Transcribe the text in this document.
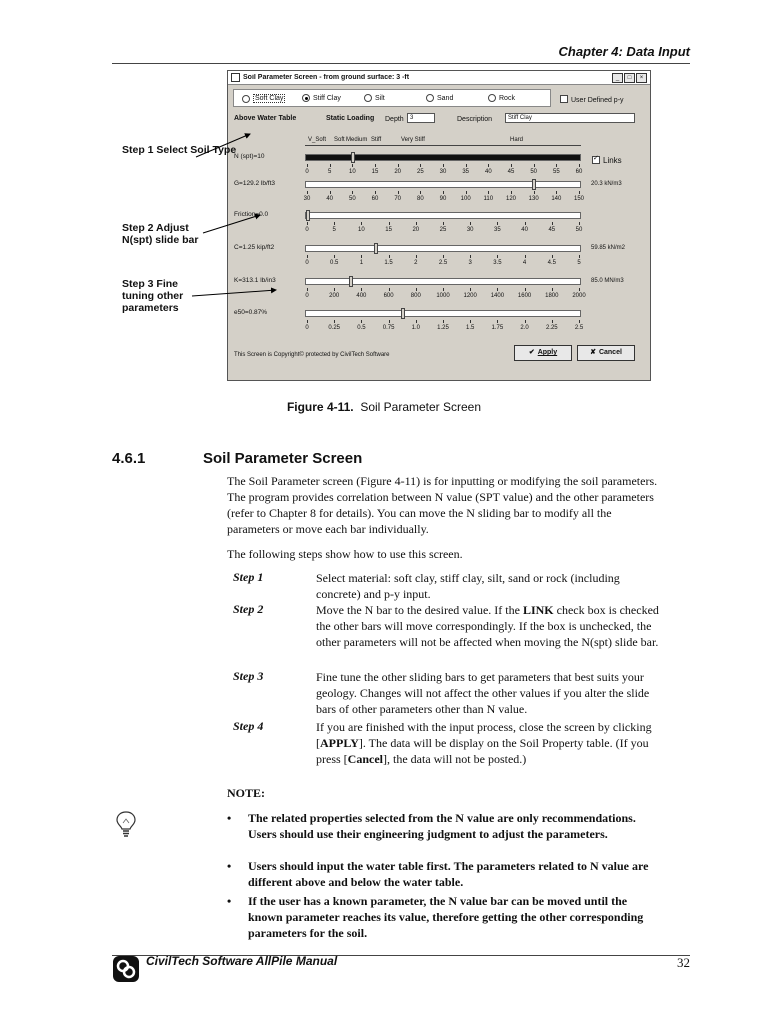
Chapter 4: Data Input
Soil Parameter Screen - from ground surface: 3 -ft	_	□	×
Soft Clay	Stiff Clay	Silt	Sand	Rock	User Defined p-y
Above Water Table	Static Loading Depth	3	Description	Stiff Clay
V_Soft Soft Medium Stiff	Very Stiff	Hard
N (spt)=10
0	5	10	15	20	25	30	35	40	45	50	55	60
G=129.2 lb/ft3
30	40	50	60	70	80	90 100 110 120 130 140 150
20.3 kN/m3
Friction=0.0
0	5	10	15	20	25	30	35	40	45	50
C=1.25 kip/ft2
0	0.5	1	1.5	2	2.5	3	3.5	4	4.5	5
59.85 kN/m2
K=313.1 lb/in3
0	200	400	600	800	1000 1200 1400 1600 1800 2000
85.0 MN/m3
e50=0.87%
0	0.25	0.5	0.75	1.0	1.25	1.5	1.75	2.0	2.25	2.5
✓Links
This Screen is Copyright© protected by CivilTech Software	✔ Apply	✘ Cancel
Step 1 Select Soil Type
Step 2 Adjust N(spt) slide bar
Step 3 Fine tuning other parameters
Figure 4-11. Soil Parameter Screen
4.6.1	Soil Parameter Screen
The Soil Parameter screen (Figure 4-11) is for inputting or modifying the soil parameters. The program provides correlation between N value (SPT value) and the other parameters (refer to Chapter 8 for details). You can move the N sliding bar to modify all the parameters or move each bar individually.
The following steps show how to use this screen.
Step 1	Select material: soft clay, stiff clay, silt, sand or rock (including concrete) and p-y input.
Step 2	Move the N bar to the desired value. If the LINK check box is checked the other bars will move correspondingly. If the box is unchecked, the other parameters will not be affected when moving the N(spt) slide bar.
Step 3	Fine tune the other sliding bars to get parameters that best suits your geology. Changes will not affect the other values if you alter the slide bars of other parameters other than N value.
Step 4	If you are finished with the input process, close the screen by clicking [APPLY]. The data will be display on the Soil Property table. (If you press [Cancel], the data will not be posted.)
NOTE:
• The related properties selected from the N value are only recommendations. Users should use their engineering judgment to adjust the parameters.
• Users should input the water table first. The parameters related to N value are different above and below the water table.
• If the user has a known parameter, the N value bar can be moved until the known parameter reaches its value, therefore getting the other corresponding parameters for the soil.
CivilTech Software AllPile Manual	32
